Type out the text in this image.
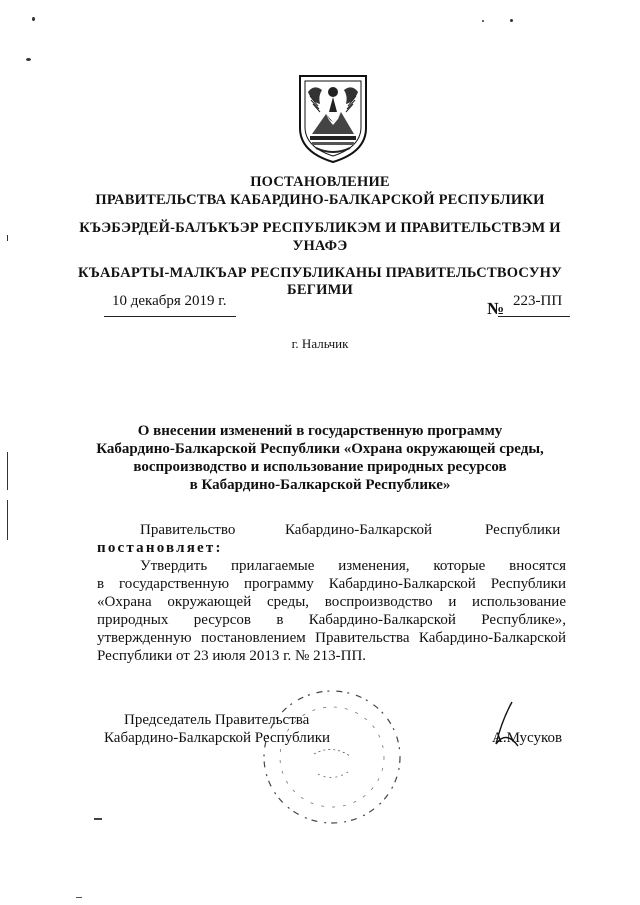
ПОСТАНОВЛЕНИЕ
ПРАВИТЕЛЬСТВА КАБАРДИНО-БАЛКАРСКОЙ РЕСПУБЛИКИ
КЪЭБЭРДЕЙ-БАЛЪКЪЭР РЕСПУБЛИКЭМ И ПРАВИТЕЛЬСТВЭМ И
УНАФЭ
КЪАБАРТЫ-МАЛКЪАР РЕСПУБЛИКАНЫ ПРАВИТЕЛЬСТВОСУНУ
БЕГИМИ
10 декабря 2019 г.	№ 223-ПП
г. Нальчик
О внесении изменений в государственную программу
Кабардино-Балкарской Республики «Охрана окружающей среды,
воспроизводство и использование природных ресурсов
в Кабардино-Балкарской Республике»
Правительство	Кабардино-Балкарской	Республики
постановляет:
Утвердить прилагаемые изменения, которые вносятся
в государственную программу Кабардино-Балкарской Республики
«Охрана окружающей среды, воспроизводство и использование
природных ресурсов в Кабардино-Балкарской Республике»,
утвержденную постановлением Правительства Кабардино-Балкарской
Республики от 23 июля 2013 г. № 213-ПП.
Председатель Правительства
Кабардино-Балкарской Республики	А.Мусуков
